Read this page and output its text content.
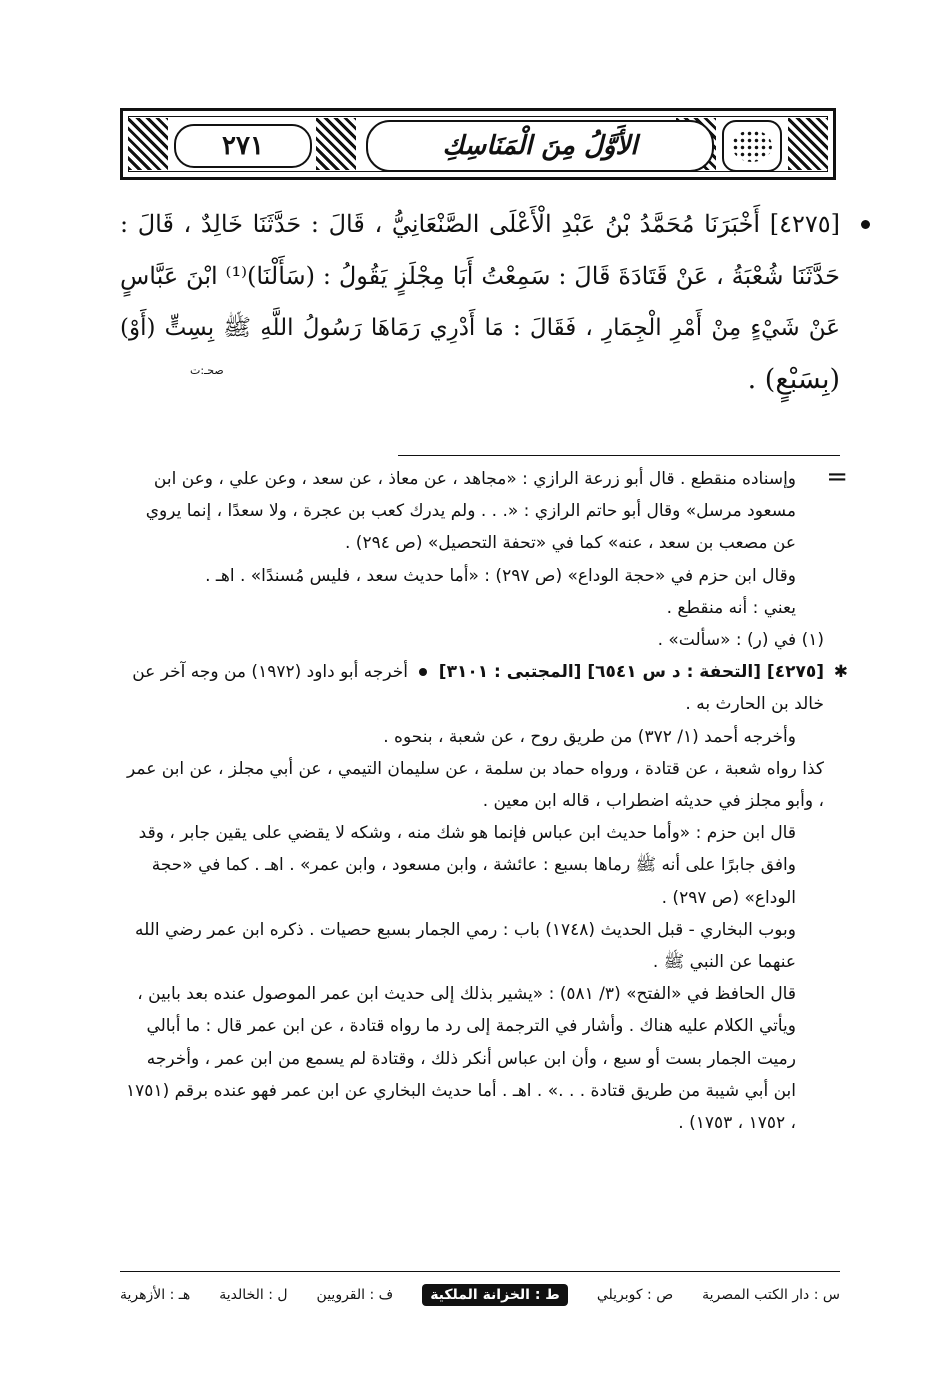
٢٧١	الأَوَّلُ مِنَ الْمَنَاسِكِ
[٤٢٧٥] أَخْبَرَنَا مُحَمَّدُ بْنُ عَبْدِ الْأَعْلَى الصَّنْعَانِيُّ ، قَالَ : حَدَّثَنَا خَالِدٌ ، قَالَ :
حَدَّثَنَا شُعْبَةُ ، عَنْ قَتَادَةَ قَالَ : سَمِعْتُ أَبَا مِجْلَزٍ يَقُولُ : (سَأَلْنَا)⁽¹⁾ ابْنَ عَبَّاسٍ
عَنْ شَيْءٍ مِنْ أَمْرِ الْجِمَارِ ، فَقَالَ : مَا أَدْرِي رَمَاهَا رَسُولُ اللَّهِ ﷺ بِسِتٍّ (أَوْ)
(بِسَبْعٍ) .
صحـ:ت
=

وإسناده منقطع . قال أبو زرعة الرازي : «مجاهد ، عن معاذ ، عن سعد ، وعن علي ، وعن ابن مسعود مرسل» وقال أبو حاتم الرازي : «. . . ولم يدرك كعب بن عجرة ، ولا سعدًا ، إنما يروي عن مصعب بن سعد ، عنه» كما في «تحفة التحصيل» (ص ٢٩٤) .

وقال ابن حزم في «حجة الوداع» (ص ٢٩٧) : «أما حديث سعد ، فليس مُسندًا» . اهـ .

يعني : أنه منقطع .

(١) في (ر) : «سألت» .

✱
[٤٢٧٥] [التحفة : د س ٦٥٤١] [المجتبى : ٣١٠١]  أخرجه أبو داود (١٩٧٢) من وجه آخر عن خالد بن الحارث به .

وأخرجه أحمد (١/ ٣٧٢) من طريق روح ، عن شعبة ، بنحوه .

كذا رواه شعبة ، عن قتادة ، ورواه حماد بن سلمة ، عن سليمان التيمي ، عن أبي مجلز ، عن ابن عمر ، وأبو مجلز في حديثه اضطراب ، قاله ابن معين .

قال ابن حزم : «وأما حديث ابن عباس فإنما هو شك منه ، وشكه لا يقضي على يقين جابر ، وقد وافق جابرًا على أنه ﷺ رماها بسبع : عائشة ، وابن مسعود ، وابن عمر» . اهـ . كما في «حجة الوداع» (ص ٢٩٧) .

وبوب البخاري - قبل الحديث (١٧٤٨) باب : رمي الجمار بسبع حصيات . ذكره ابن عمر رضي الله عنهما عن النبي ﷺ .

قال الحافظ في «الفتح» (٣/ ٥٨١) : «يشير بذلك إلى حديث ابن عمر الموصول عنده بعد بابين ، ويأتي الكلام عليه هناك . وأشار في الترجمة إلى رد ما رواه قتادة ، عن ابن عمر قال : ما أبالي رميت الجمار بست أو سبع ، وأن ابن عباس أنكر ذلك ، وقتادة لم يسمع من ابن عمر ، وأخرجه ابن أبي شيبة من طريق قتادة . . .» . اهـ . أما حديث البخاري عن ابن عمر فهو عنده برقم (١٧٥١ ، ١٧٥٢ ، ١٧٥٣) .

س : دار الكتب المصرية
ص : كوبريلي
ط : الخزانة الملكية
ف : القرويين
ل : الخالدية
هـ : الأزهرية
